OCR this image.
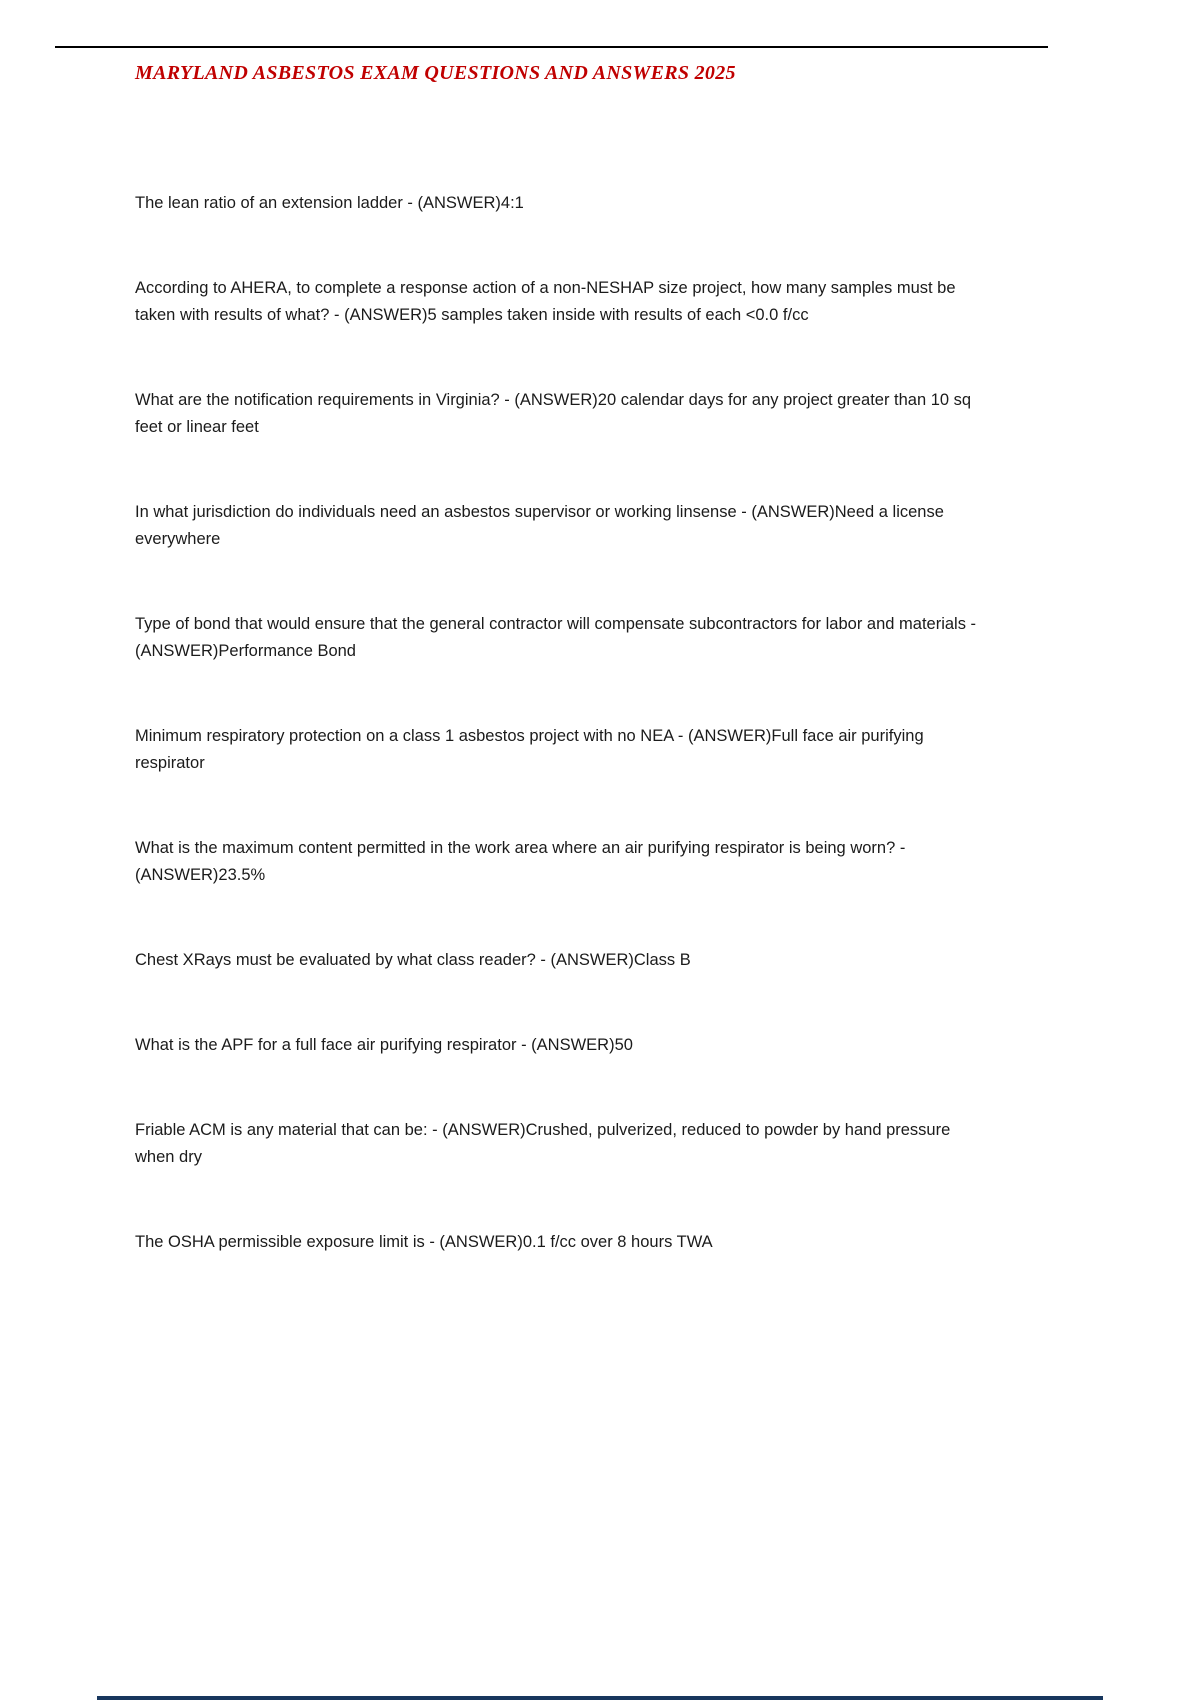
MARYLAND ASBESTOS EXAM QUESTIONS AND ANSWERS 2025

The lean ratio of an extension ladder - (ANSWER)4:1

According to AHERA, to complete a response action of a non-NESHAP size project, how many samples must be taken with results of what? - (ANSWER)5 samples taken inside with results of each <0.0 f/cc

What are the notification requirements in Virginia? - (ANSWER)20 calendar days for any project greater than 10 sq feet or linear feet

In what jurisdiction do individuals need an asbestos supervisor or working linsense - (ANSWER)Need a license everywhere

Type of bond that would ensure that the general contractor will compensate subcontractors for labor and materials - (ANSWER)Performance Bond

Minimum respiratory protection on a class 1 asbestos project with no NEA - (ANSWER)Full face air purifying respirator

What is the maximum content permitted in the work area where an air purifying respirator is being worn? - (ANSWER)23.5%

Chest XRays must be evaluated by what class reader? - (ANSWER)Class B

What is the APF for a full face air purifying respirator - (ANSWER)50

Friable ACM is any material that can be: - (ANSWER)Crushed, pulverized, reduced to powder by hand pressure when dry

The OSHA permissible exposure limit is - (ANSWER)0.1 f/cc over 8 hours TWA
